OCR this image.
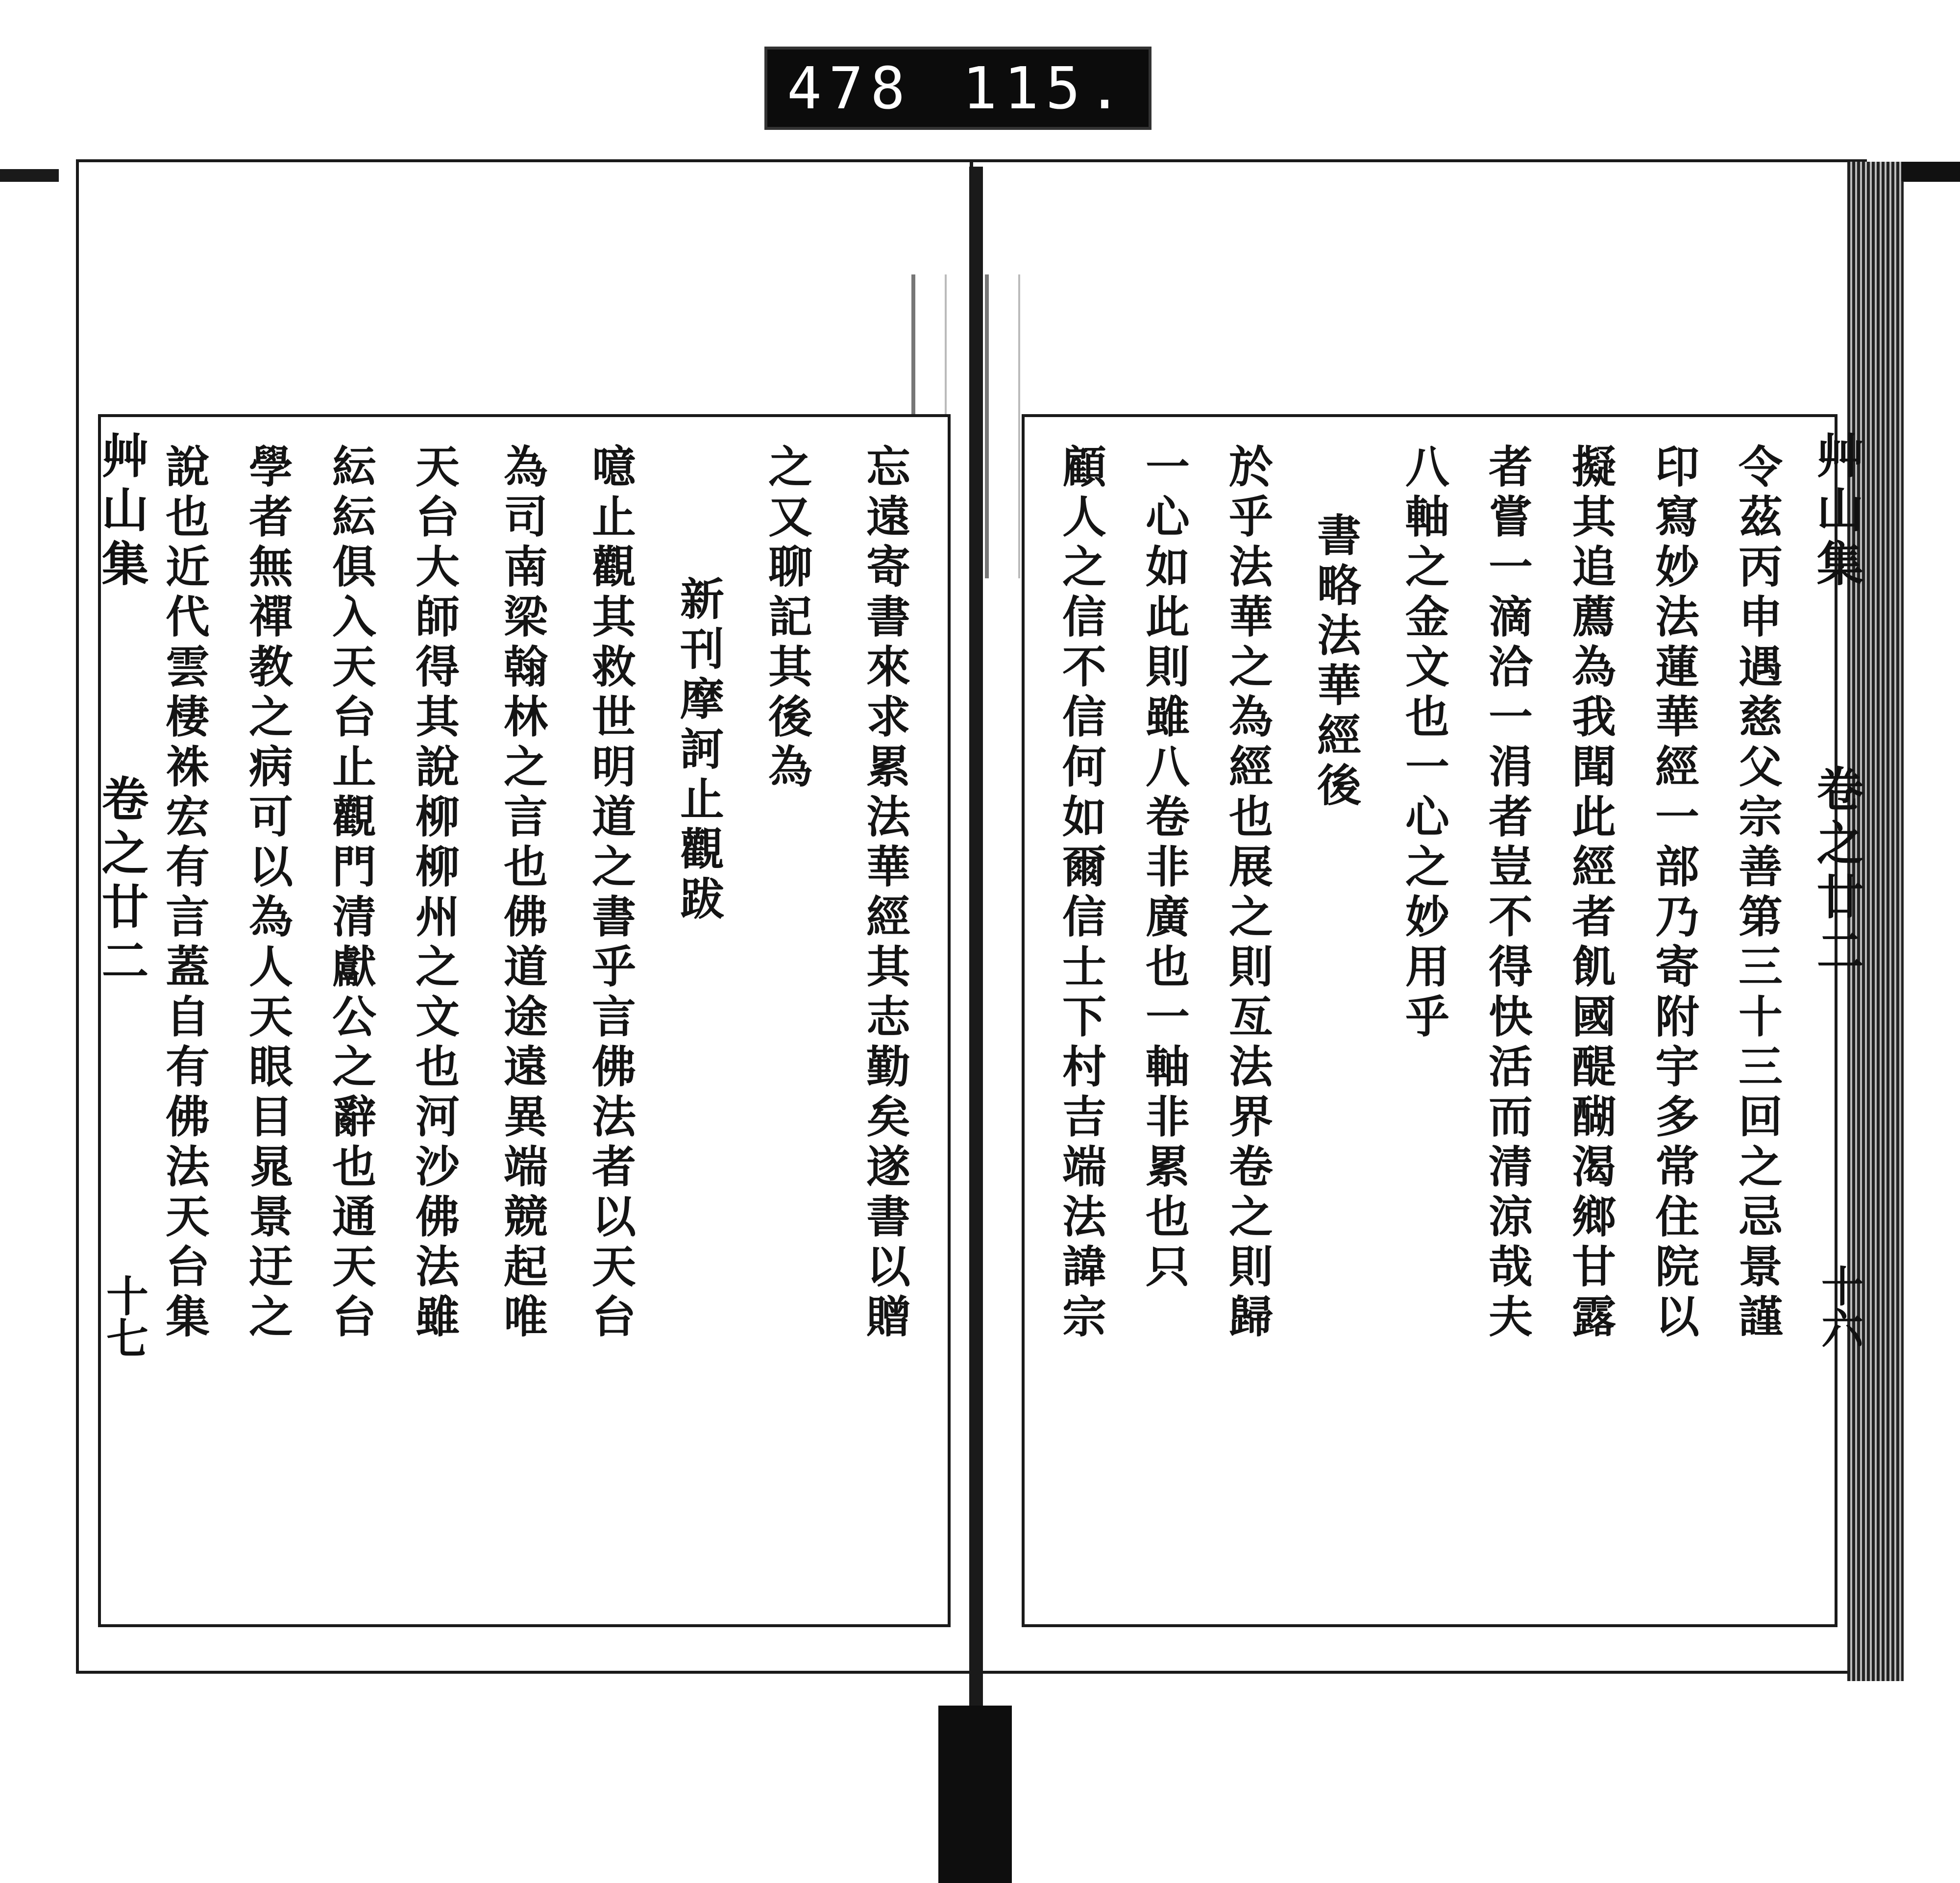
478 115.
艸山集
卷之廿二
十七	忘遠寄書來求累法華經其志勤矣遂書以贈
之又聊記其後為
新刊摩訶止觀跋
噫止觀其救世明道之書乎言佛法者以天台
為司南梁翰林之言也佛道途遠異端競起唯
天台大師得其說柳柳州之文也河沙佛法雖
紜紜俱入天台止觀門清獻公之辭也通天台
學者無禪教之病可以為人天眼目晁景迂之
說也近代雲棲袾宏有言蓋自有佛法天台集	艸山集
卷之廿二
十六
令茲丙申遇慈父宗善第三十三回之忌景謹
印寫妙法蓮華經一部乃寄附宇多常住院以
擬其追薦為我聞此經者飢國醍醐渴鄉甘露
者嘗一滴洽一涓者豈不得快活而清涼哉夫
八軸之金文也一心之妙用乎
書略法華經後
於乎法華之為經也展之則亙法界卷之則歸
一心如此則雖八卷非廣也一軸非累也只
顧人之信不信何如爾信士下村吉端法諱宗
